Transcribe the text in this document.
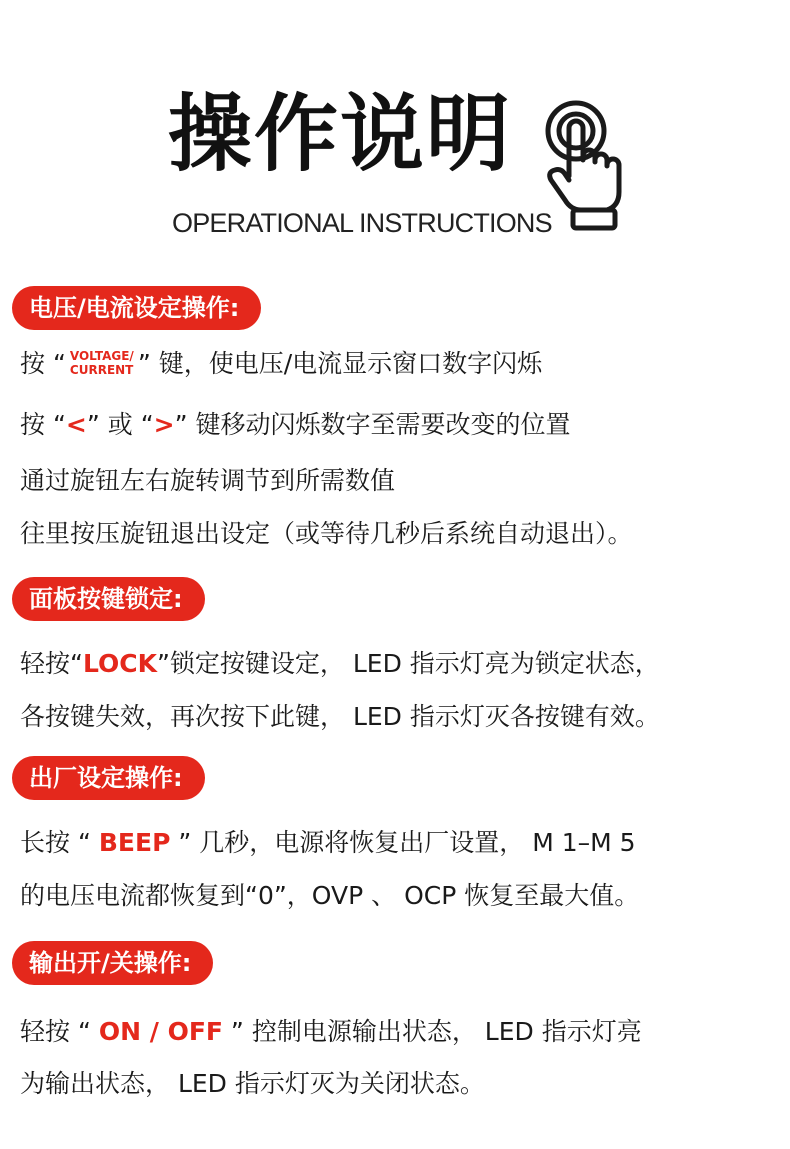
操作说明
OPERATIONAL INSTRUCTIONS
电压/电流设定操作:
按 “ VOLTAGE/
CURRENT ” 键，使电压/电流显示窗口数字闪烁
按 “<” 或 “>” 键移动闪烁数字至需要改变的位置
通过旋钮左右旋转调节到所需数值
往里按压旋钮退出设定（或等待几秒后系统自动退出）。
面板按键锁定:
轻按“LOCK”锁定按键设定， LED 指示灯亮为锁定状态，
各按键失效，再次按下此键， LED 指示灯灭各按键有效。
出厂设定操作:
长按 “ BEEP ” 几秒，电源将恢复出厂设置， M 1–M 5
的电压电流都恢复到“0”，OVP 、 OCP 恢复至最大值。
输出开/关操作:
轻按 “ ON / OFF ” 控制电源输出状态， LED 指示灯亮
为输出状态， LED 指示灯灭为关闭状态。
